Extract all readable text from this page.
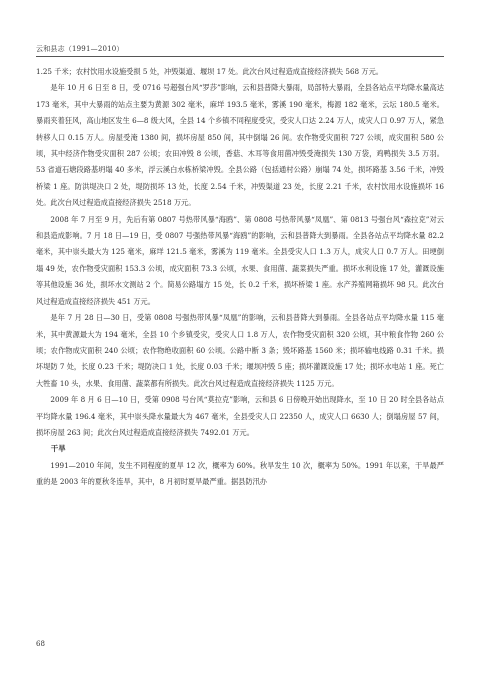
云和县志（1991—2010）

1.25 千米；农村饮用水设施受损 5 处，冲毁渠道、堰坝 17 处。此次台风过程造成直接经济损失 568 万元。

是年 10 月 6 日至 8 日，受 0716 号超强台风“罗莎”影响，云和县普降大暴雨，局部特大暴雨，全县各站点平均降水量高达 173 毫米，其中大暴雨的站点主要为黄源 302 毫米，麻垟 193.5 毫米，雾溪 190 毫米，梅源 182 毫米，云坛 180.5 毫米。暴雨夹着狂风，高山地区发生 6—8 级大风，全县 14 个乡镇不同程度受灾，受灾人口达 2.24 万人，成灾人口 0.97 万人，紧急转移人口 0.15 万人。房屋受淹 1380 间，损坏房屋 850 间，其中倒塌 26 间。农作物受灾面积 727 公顷，成灾面积 580 公顷，其中经济作物受灾面积 287 公顷；农田冲毁 8 公顷，香菇、木耳等食用菌冲毁受淹损失 130 万袋，鸡鸭损失 3.5 万羽。53 省道石塘段路基坍塌 40 多米，浮云溪白水栋桥梁冲毁。全县公路（包括通村公路）崩塌 74 处，损坏路基 3.56 千米，冲毁桥梁 1 座。防洪堤决口 2 处，堤防损坏 13 处，长度 2.54 千米，冲毁渠道 23 处，长度 2.21 千米，农村饮用水设施损坏 16 处。此次台风过程造成直接经济损失 2518 万元。

2008 年 7 月至 9 月，先后有第 0807 号热带风暴“海鸥”、第 0808 号热带风暴“凤凰”、第 0813 号强台风“森拉克”对云和县造成影响。7 月 18 日—19 日，受 0807 号强热带风暴“海鸥”的影响，云和县普降大到暴雨。全县各站点平均降水量 82.2 毫米，其中崇头最大为 125 毫米，麻垟 121.5 毫米，雾溪为 119 毫米。全县受灾人口 1.3 万人，成灾人口 0.7 万人。田埂倒塌 49 处，农作物受灾面积 153.3 公顷，成灾面积 73.3 公顷，水果、食用菌、蔬菜损失严重。损坏水利设施 17 处，灌溉设施等其他设施 36 处，损坏水文测站 2 个。简易公路塌方 15 处，长 0.2 千米，损坏桥梁 1 座。水产养殖网箱损坏 98 只。此次台风过程造成直接经济损失 451 万元。

是年 7 月 28 日—30 日，受第 0808 号强热带风暴“凤凰”的影响，云和县普降大到暴雨。全县各站点平均降水量 115 毫米，其中黄源最大为 194 毫米，全县 10 个乡镇受灾，受灾人口 1.8 万人，农作物受灾面积 320 公顷，其中粮食作物 260 公顷；农作物成灾面积 240 公顷；农作物绝收面积 60 公顷。公路中断 3 条；毁坏路基 1560 米；损坏输电线路 0.31 千米。损坏堤防 7 处，长度 0.23 千米；堤防决口 1 处，长度 0.03 千米；堰坝冲毁 5 座；损坏灌溉设施 17 处；损坏水电站 1 座。死亡大牲畜 10 头，水果、食用菌、蔬菜都有所损失。此次台风过程造成直接经济损失 1125 万元。

2009 年 8 月 6 日—10 日，受第 0908 号台风“莫拉克”影响，云和县 6 日傍晚开始出现降水，至 10 日 20 时全县各站点平均降水量 196.4 毫米，其中崇头降水量最大为 467 毫米，全县受灾人口 22350 人，成灾人口 6630 人；倒塌房屋 57 间，损坏房屋 263 间；此次台风过程造成直接经济损失 7492.01 万元。

干旱

1991—2010 年间，发生不同程度的夏旱 12 次，概率为 60%。秋旱发生 10 次，概率为 50%。1991 年以来，干旱最严重的是 2003 年的夏秋冬连旱，其中，8 月初时夏旱最严重。据县防汛办

68
